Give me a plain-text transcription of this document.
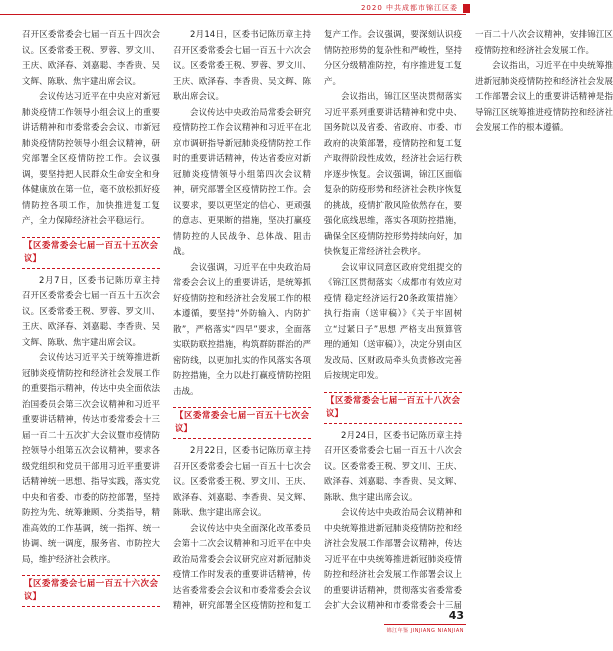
2020 中共成都市锦江区委

召开区委常委会七届一百五十四次会议。区委常委王税、罗蓉、罗文川、王庆、欧泽春、刘嘉聪、李香贵、吴文辉、陈耿、焦宇建出席会议。

会议传达习近平在中央应对新冠肺炎疫情工作领导小组会议上的重要讲话精神和市委常委会会议、市新冠肺炎疫情防控领导小组会议精神，研究部署全区疫情防控工作。会议强调，要坚持把人民群众生命安全和身体健康放在第一位，毫不放松抓好疫情防控各项工作，加快推进复工复产，全力保障经济社会平稳运行。

【区委常委会七届一百五十五次会议】

2月7日，区委书记陈历章主持召开区委常委会七届一百五十五次会议。区委常委王税、罗蓉、罗文川、王庆、欧泽春、刘嘉聪、李香贵、吴文辉、陈耿、焦宇建出席会议。

会议传达习近平关于统筹推进新冠肺炎疫情防控和经济社会发展工作的重要指示精神，传达中央全面依法治国委员会第三次会议精神和习近平重要讲话精神，传达市委常委会十三届一百二十五次扩大会议暨市疫情防控领导小组第五次会议精神，要求各级党组织和党员干部用习近平重要讲话精神统一思想、指导实践，落实党中央和省委、市委的防控部署，坚持防控为先、统筹兼顾、分类指导，精准高效的工作基调，统一指挥、统一协调、统一调度，服务省、市防控大局，维护经济社会秩序。

【区委常委会七届一百五十六次会议】

2月14日，区委书记陈历章主持召开区委常委会七届一百五十六次会议。区委常委王税、罗蓉、罗文川、王庆、欧泽春、李香贵、吴文辉、陈耿出席会议。

会议传达中央政治局常委会研究疫情防控工作会议精神和习近平在北京市调研指导新冠肺炎疫情防控工作时的重要讲话精神，传达省委应对新冠肺炎疫情领导小组第四次会议精神，研究部署全区疫情防控工作。会议要求，要以更坚定的信心、更顽强的意志、更果断的措施，坚决打赢疫情防控的人民战争、总体战、阻击战。

会议强调，习近平在中央政治局常委会会议上的重要讲话，是统筹抓好疫情防控和经济社会发展工作的根本遵循，要坚持“外防输入、内防扩散”，严格落实“四早”要求，全面落实联防联控措施，构筑群防群治的严密防线，以更加扎实的作风落实各项防控措施，全力以赴打赢疫情防控阻击战。

【区委常委会七届一百五十七次会议】

2月22日，区委书记陈历章主持召开区委常委会七届一百五十七次会议。区委常委王税、罗文川、王庆、欧泽春、刘嘉聪、李香贵、吴文辉、陈耿、焦宇建出席会议。

会议传达中央全面深化改革委员会第十二次会议精神和习近平在中央政治局常委会会议研究应对新冠肺炎疫情工作时发表的重要讲话精神，传达省委常委会会议和市委常委会会议精神，研究部署全区疫情防控和复工复产工作。会议强调，要深刻认识疫情防控形势的复杂性和严峻性，坚持分区分级精准防控，有序推进复工复产。

会议指出，锦江区坚决贯彻落实习近平系列重要讲话精神和党中央、国务院以及省委、省政府、市委、市政府的决策部署，疫情防控和复工复产取得阶段性成效，经济社会运行秩序逐步恢复。会议强调，锦江区面临复杂的防疫形势和经济社会秩序恢复的挑战，疫情扩散风险依然存在，要强化底线思维，落实各项防控措施，确保全区疫情防控形势持续向好，加快恢复正常经济社会秩序。

会议审议同意区政府党组提交的《锦江区贯彻落实〈成都市有效应对疫情 稳定经济运行20条政策措施〉执行指南（送审稿）》《关于牢固树立“过紧日子”思想 严格支出预算管理的通知（送审稿）》，决定分别由区发改局、区财政局牵头负责修改完善后按规定印发。

【区委常委会七届一百五十八次会议】

2月24日，区委书记陈历章主持召开区委常委会七届一百五十八次会议。区委常委王税、罗文川、王庆、欧泽春、刘嘉聪、李香贵、吴文辉、陈耿、焦宇建出席会议。

会议传达中央政治局会议精神和中央统筹推进新冠肺炎疫情防控和经济社会发展工作部署会议精神，传达习近平在中央统筹推进新冠肺炎疫情防控和经济社会发展工作部署会议上的重要讲话精神，贯彻落实省委常委会扩大会议精神和市委常委会十三届一百二十八次会议精神，安排锦江区疫情防控和经济社会发展工作。

会议指出，习近平在中央统筹推进新冠肺炎疫情防控和经济社会发展工作部署会议上的重要讲话精神是指导锦江区统筹推进疫情防控和经济社会发展工作的根本遵循。

43
锦江年鉴 JINJIANG NIANJIAN
